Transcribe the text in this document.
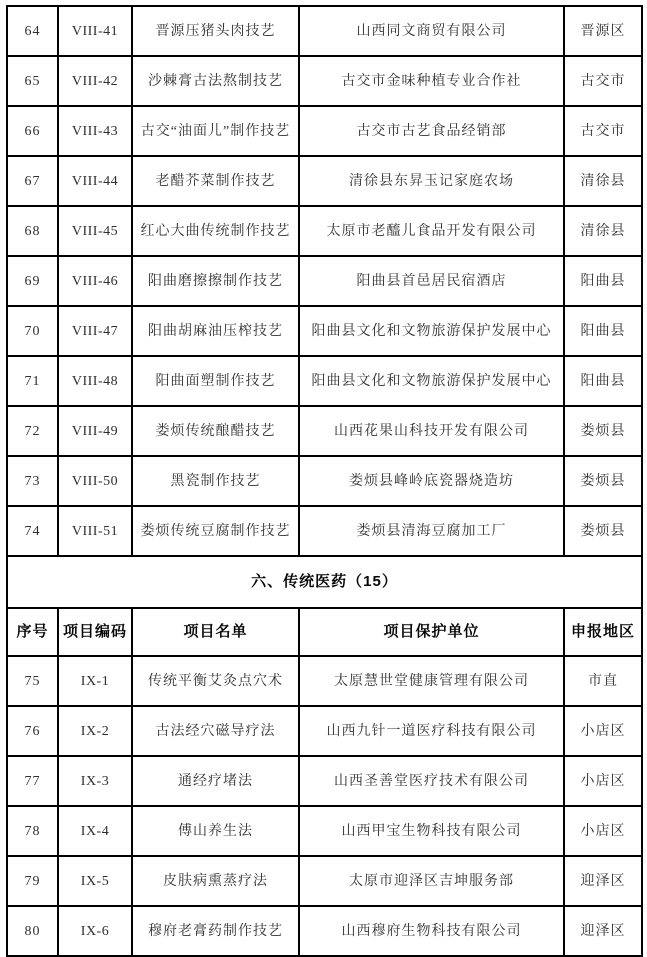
64	VIII-41	晋源压猪头肉技艺	山西同文商贸有限公司	晋源区
65	VIII-42	沙棘膏古法熬制技艺	古交市金味种植专业合作社	古交市
66	VIII-43	古交“油面儿”制作技艺	古交市古艺食品经销部	古交市
67	VIII-44	老醋芥菜制作技艺	清徐县东昇玉记家庭农场	清徐县
68	VIII-45	红心大曲传统制作技艺	太原市老醯儿食品开发有限公司	清徐县
69	VIII-46	阳曲磨擦擦制作技艺	阳曲县首邑居民宿酒店	阳曲县
70	VIII-47	阳曲胡麻油压榨技艺	阳曲县文化和文物旅游保护发展中心	阳曲县
71	VIII-48	阳曲面塑制作技艺	阳曲县文化和文物旅游保护发展中心	阳曲县
72	VIII-49	娄烦传统酿醋技艺	山西花果山科技开发有限公司	娄烦县
73	VIII-50	黑瓷制作技艺	娄烦县峰岭底瓷器烧造坊	娄烦县
74	VIII-51	娄烦传统豆腐制作技艺	娄烦县清海豆腐加工厂	娄烦县
六、传统医药（15）				
序号	项目编码	项目名单	项目保护单位	申报地区
75	IX-1	传统平衡艾灸点穴术	太原慧世堂健康管理有限公司	市直
76	IX-2	古法经穴磁导疗法	山西九针一道医疗科技有限公司	小店区
77	IX-3	通经疗堵法	山西圣善堂医疗技术有限公司	小店区
78	IX-4	傅山养生法	山西甲宝生物科技有限公司	小店区
79	IX-5	皮肤病熏蒸疗法	太原市迎泽区吉坤服务部	迎泽区
80	IX-6	穆府老膏药制作技艺	山西穆府生物科技有限公司	迎泽区
